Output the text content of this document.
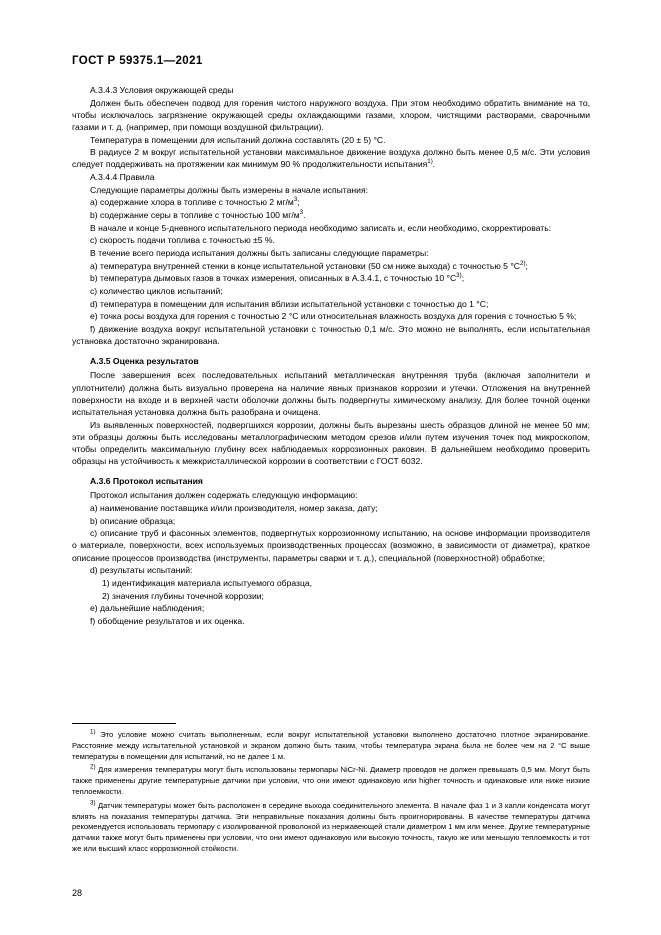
ГОСТ Р 59375.1—2021

А.3.4.3 Условия окружающей среды

Должен быть обеспечен подвод для горения чистого наружного воздуха. При этом необходимо обратить внимание на то, чтобы исключалось загрязнение окружающей среды охлаждающими газами, хлором, чистящими растворами, сварочными газами и т. д. (например, при помощи воздушной фильтрации).

Температура в помещении для испытаний должна составлять (20 ± 5) °С.

В радиусе 2 м вокруг испытательной установки максимальное движение воздуха должно быть менее 0,5 м/с. Эти условия следует поддерживать на протяжении как минимум 90 % продолжительности испытания$^{1)}$.

А.3.4.4 Правила

Следующие параметры должны быть измерены в начале испытания:

a) содержание хлора в топливе с точностью 2 $мг/м^3$;

b) содержание серы в топливе с точностью 100 $мг/м^3$.

В начале и конце 5-дневного испытательного периода необходимо записать и, если необходимо, скорректировать:

c) скорость подачи топлива с точностью ±5 %.

В течение всего периода испытания должны быть записаны следующие параметры:

a) температура внутренней стенки в конце испытательной установки (50 см ниже выхода) с точностью 5 $^\circ С^{2)}$;

b) температура дымовых газов в точках измерения, описанных в А.3.4.1, с точностью 10 $^\circ С^{3)}$;

c) количество циклов испытаний;

d) температура в помещении для испытания вблизи испытательной установки с точностью до 1 °С;

e) точка росы воздуха для горения с точностью 2 °С или относительная влажность воздуха для горения с точностью 5 %;

f) движение воздуха вокруг испытательной установки с точностью 0,1 м/с. Это можно не выполнять, если испытательная установка достаточно экранирована.

А.3.5 Оценка результатов

После завершения всех последовательных испытаний металлическая внутренняя труба (включая заполнители и уплотнители) должна быть визуально проверена на наличие явных признаков коррозии и утечки. Отложения на внутренней поверхности на входе и в верхней части оболочки должны быть подвергнуты химическому анализу. Для более точной оценки испытательная установка должна быть разобрана и очищена.

Из выявленных поверхностей, подвергшихся коррозии, должны быть вырезаны шесть образцов длиной не менее 50 мм; эти образцы должны быть исследованы металлографическим методом срезов и/или путем изучения точек под микроскопом, чтобы определить максимальную глубину всех наблюдаемых коррозионных раковин. В дальнейшем необходимо проверить образцы на устойчивость к межкристаллической коррозии в соответствии с ГОСТ 6032.

А.3.6 Протокол испытания

Протокол испытания должен содержать следующую информацию:

a) наименование поставщика и/или производителя, номер заказа, дату;

b) описание образца;

c) описание труб и фасонных элементов, подвергнутых коррозионному испытанию, на основе информации производителя о материале, поверхности, всех используемых производственных процессах (возможно, в зависимости от диаметра), краткое описание процессов производства (инструменты, параметры сварки и т. д.), специальной (поверхностной) обработке;

d) результаты испытаний:

1) идентификация материала испытуемого образца,

2) значения глубины точечной коррозии;

e) дальнейшие наблюдения;

f) обобщение результатов и их оценка.

$^{1)}$ Это условие можно считать выполненным, если вокруг испытательной установки выполнено достаточно плотное экранирование. Расстояние между испытательной установкой и экраном должно быть таким, чтобы температура экрана была не более чем на 2 °С выше температуры в помещении для испытаний, но не далее 1 м.

$^{2)}$ Для измерения температуры могут быть использованы термопары NiCr-Ni. Диаметр проводов не должен превышать 0,5 мм. Могут быть также применены другие температурные датчики при условии, что они имеют одинаковую или higher точность и одинаковые или ниже низкие теплоемкости.

$^{3)}$ Датчик температуры может быть расположен в середине выхода соединительного элемента. В начале фаз 1 и 3 капли конденсата могут влиять на показания температуры датчика. Эти неправильные показания должны быть проигнорированы. В качестве температуры датчика рекомендуется использовать термопару с изолированной проволокой из нержавеющей стали диаметром 1 мм или менее. Другие температурные датчики также могут быть применены при условии, что они имеют одинаковую или высокую точность, такую же или меньшую теплоемкость и тот же или высший класс коррозионной стойкости.

28
